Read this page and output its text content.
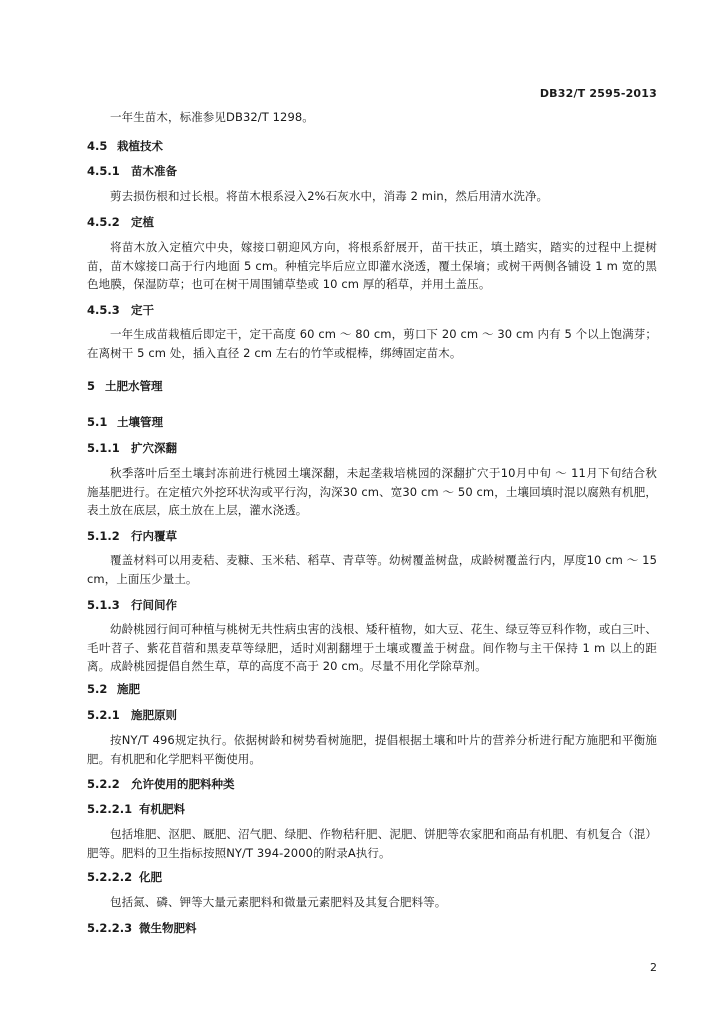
DB32/T 2595-2013
一年生苗木，标准参见DB32/T 1298。
4.5 栽植技术
4.5.1 苗木准备
剪去损伤根和过长根。将苗木根系浸入2%石灰水中，消毒 2 min，然后用清水洗净。
4.5.2 定植
将苗木放入定植穴中央，嫁接口朝迎风方向，将根系舒展开，苗干扶正，填土踏实，踏实的过程中上提树苗，苗木嫁接口高于行内地面 5 cm。种植完毕后应立即灌水浇透，覆土保墒；或树干两侧各铺设 1 m 宽的黑色地膜，保湿防草；也可在树干周围铺草垫或 10 cm 厚的稻草，并用土盖压。
4.5.3 定干
一年生成苗栽植后即定干，定干高度 60 cm ～ 80 cm，剪口下 20 cm ～ 30 cm 内有 5 个以上饱满芽；在离树干 5 cm 处，插入直径 2 cm 左右的竹竿或棍棒，绑缚固定苗木。
5 土肥水管理
5.1 土壤管理
5.1.1 扩穴深翻
秋季落叶后至土壤封冻前进行桃园土壤深翻，未起垄栽培桃园的深翻扩穴于10月中旬 ～ 11月下旬结合秋施基肥进行。在定植穴外挖环状沟或平行沟，沟深30 cm、宽30 cm ～ 50 cm，土壤回填时混以腐熟有机肥，表土放在底层，底土放在上层，灌水浇透。
5.1.2 行内覆草
覆盖材料可以用麦秸、麦糠、玉米秸、稻草、青草等。幼树覆盖树盘，成龄树覆盖行内，厚度10 cm ～ 15 cm，上面压少量土。
5.1.3 行间间作
幼龄桃园行间可种植与桃树无共性病虫害的浅根、矮秆植物，如大豆、花生、绿豆等豆科作物，或白三叶、毛叶苕子、紫花苜蓿和黑麦草等绿肥，适时刈割翻埋于土壤或覆盖于树盘。间作物与主干保持 1 m 以上的距离。成龄桃园提倡自然生草，草的高度不高于 20 cm。尽量不用化学除草剂。
5.2 施肥
5.2.1 施肥原则
按NY/T 496规定执行。依据树龄和树势看树施肥，提倡根据土壤和叶片的营养分析进行配方施肥和平衡施肥。有机肥和化学肥料平衡使用。
5.2.2 允许使用的肥料种类
5.2.2.1 有机肥料
包括堆肥、沤肥、厩肥、沼气肥、绿肥、作物秸秆肥、泥肥、饼肥等农家肥和商品有机肥、有机复合（混）肥等。肥料的卫生指标按照NY/T 394-2000的附录A执行。
5.2.2.2 化肥
包括氮、磷、钾等大量元素肥料和微量元素肥料及其复合肥料等。
5.2.2.3 微生物肥料
2
